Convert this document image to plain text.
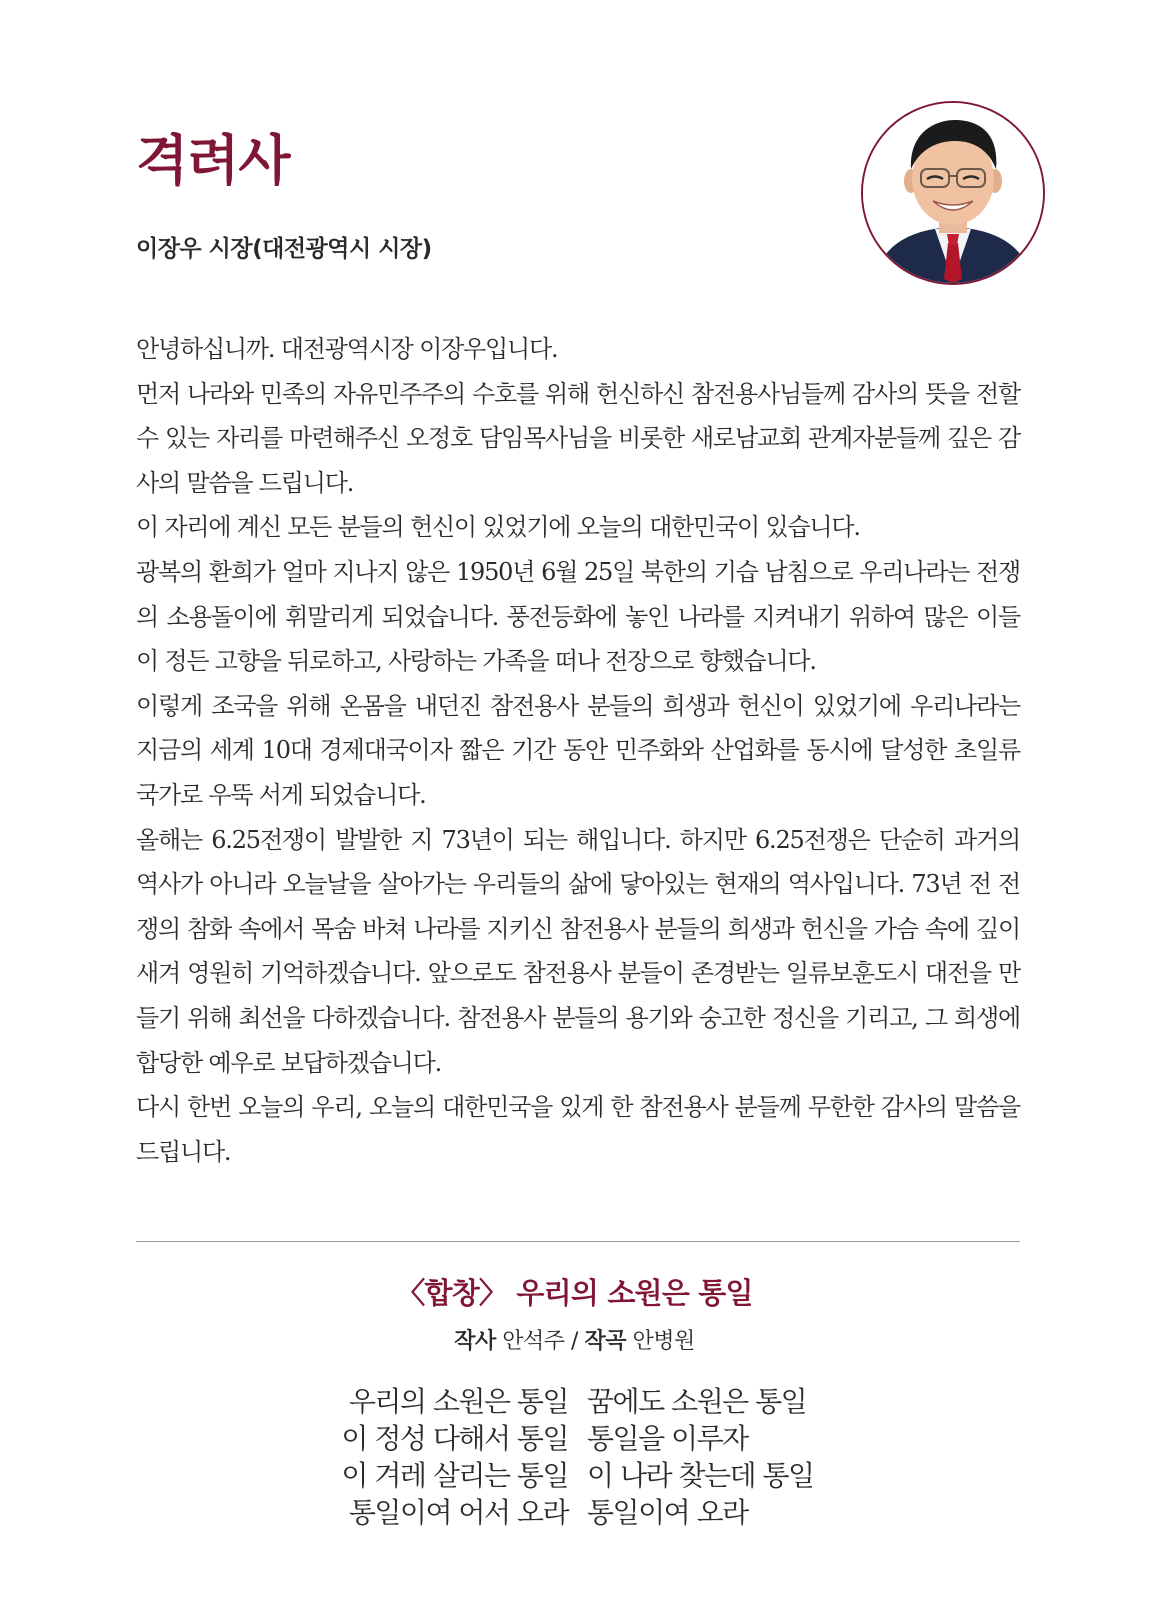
격려사
이장우 시장(대전광역시 시장)

안녕하십니까. 대전광역시장 이장우입니다.

먼저 나라와 민족의 자유민주주의 수호를 위해 헌신하신 참전용사님들께 감사의 뜻을 전할 수 있는 자리를 마련해주신 오정호 담임목사님을 비롯한 새로남교회 관계자분들께 깊은 감사의 말씀을 드립니다.

이 자리에 계신 모든 분들의 헌신이 있었기에 오늘의 대한민국이 있습니다.

광복의 환희가 얼마 지나지 않은 1950년 6월 25일 북한의 기습 남침으로 우리나라는 전쟁의 소용돌이에 휘말리게 되었습니다. 풍전등화에 놓인 나라를 지켜내기 위하여 많은 이들이 정든 고향을 뒤로하고, 사랑하는 가족을 떠나 전장으로 향했습니다.

이렇게 조국을 위해 온몸을 내던진 참전용사 분들의 희생과 헌신이 있었기에 우리나라는 지금의 세계 10대 경제대국이자 짧은 기간 동안 민주화와 산업화를 동시에 달성한 초일류국가로 우뚝 서게 되었습니다.

올해는 6.25전쟁이 발발한 지 73년이 되는 해입니다. 하지만 6.25전쟁은 단순히 과거의 역사가 아니라 오늘날을 살아가는 우리들의 삶에 닿아있는 현재의 역사입니다. 73년 전 전쟁의 참화 속에서 목숨 바쳐 나라를 지키신 참전용사 분들의 희생과 헌신을 가슴 속에 깊이 새겨 영원히 기억하겠습니다. 앞으로도 참전용사 분들이 존경받는 일류보훈도시 대전을 만들기 위해 최선을 다하겠습니다. 참전용사 분들의 용기와 숭고한 정신을 기리고, 그 희생에 합당한 예우로 보답하겠습니다.

다시 한번 오늘의 우리, 오늘의 대한민국을 있게 한 참전용사 분들께 무한한 감사의 말씀을 드립니다.

〈합창〉 우리의 소원은 통일
작사 안석주 / 작곡 안병원
우리의 소원은 통일
이 정성 다해서 통일
이 겨레 살리는 통일
통일이여 어서 오라
꿈에도 소원은 통일
통일을 이루자
이 나라 찾는데 통일
통일이여 오라
